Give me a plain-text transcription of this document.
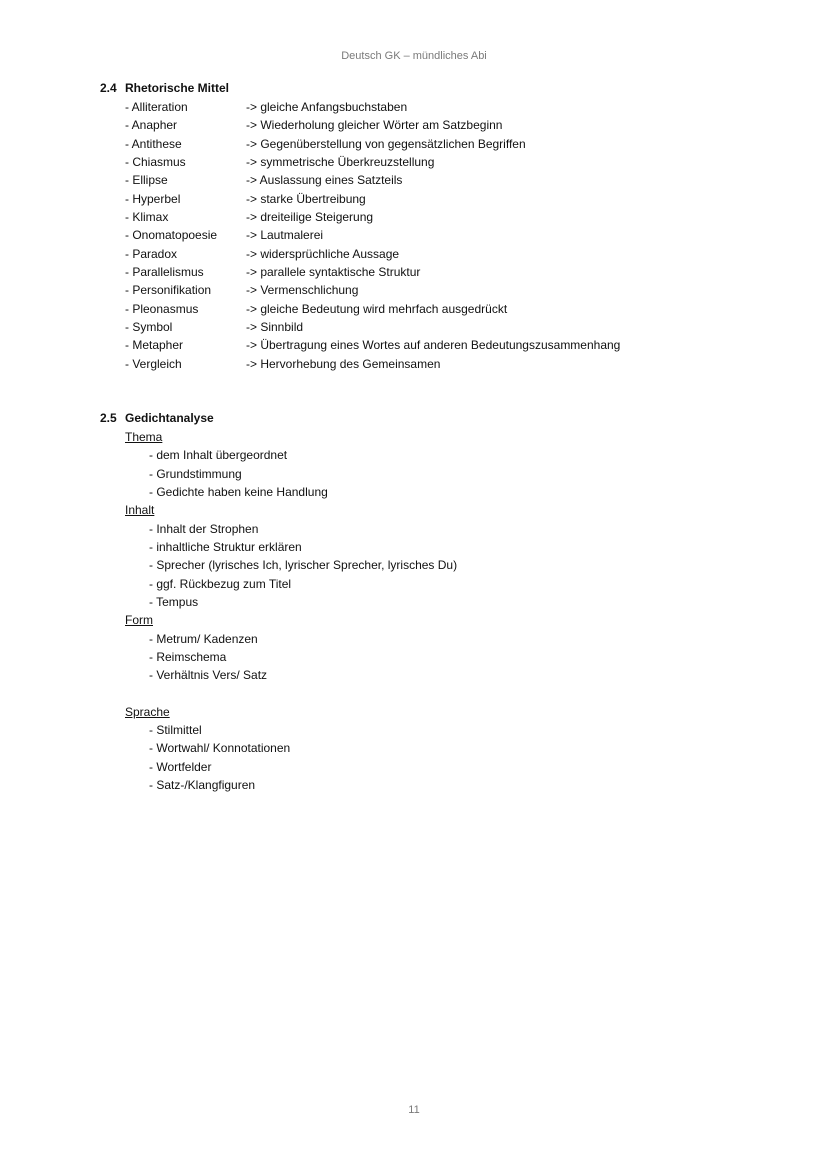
Deutsch GK – mündliches Abi
2.4 Rhetorische Mittel
- Alliteration	-> gleiche Anfangsbuchstaben
- Anapher	-> Wiederholung gleicher Wörter am Satzbeginn
- Antithese	-> Gegenüberstellung von gegensätzlichen Begriffen
- Chiasmus	-> symmetrische Überkreuzstellung
- Ellipse	-> Auslassung eines Satzteils
- Hyperbel	-> starke Übertreibung
- Klimax	-> dreiteilige Steigerung
- Onomatopoesie -> Lautmalerei
- Paradox	-> widersprüchliche Aussage
- Parallelismus	-> parallele syntaktische Struktur
- Personifikation	-> Vermenschlichung
- Pleonasmus	-> gleiche Bedeutung wird mehrfach ausgedrückt
- Symbol	-> Sinnbild
- Metapher	-> Übertragung eines Wortes auf anderen Bedeutungszusammenhang
- Vergleich	-> Hervorhebung des Gemeinsamen
2.5 Gedichtanalyse
Thema
- dem Inhalt übergeordnet
- Grundstimmung
- Gedichte haben keine Handlung
Inhalt
- Inhalt der Strophen
- inhaltliche Struktur erklären
- Sprecher (lyrisches Ich, lyrischer Sprecher, lyrisches Du)
- ggf. Rückbezug zum Titel
- Tempus
Form
- Metrum/ Kadenzen
- Reimschema
- Verhältnis Vers/ Satz
Sprache
- Stilmittel
- Wortwahl/ Konnotationen
- Wortfelder
- Satz-/Klangfiguren
11
